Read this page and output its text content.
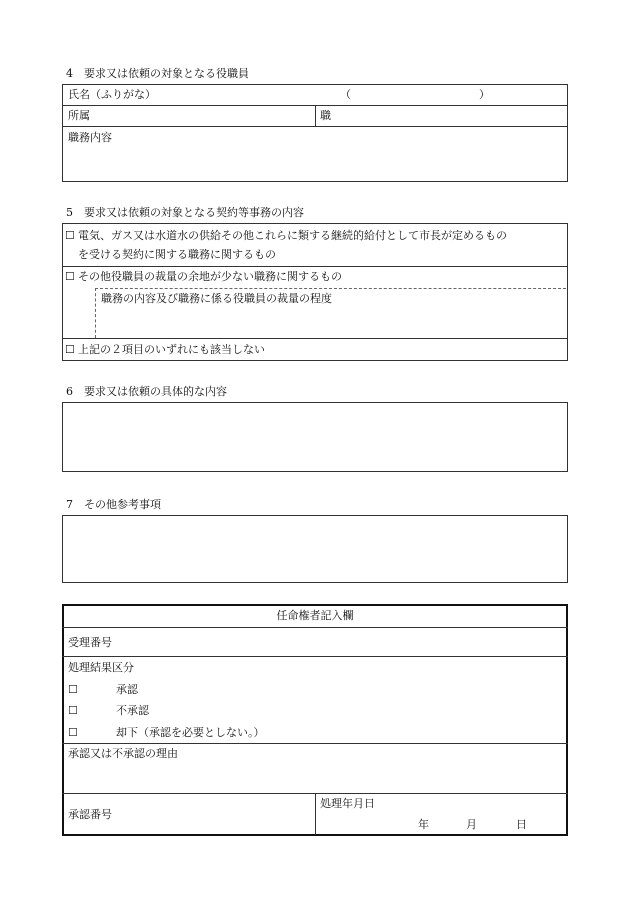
4　要求又は依頼の対象となる役職員
氏名（ふりがな）	（	）
所属	職
職務内容
5　要求又は依頼の対象となる契約等事務の内容
☐ 電気、ガス又は水道水の供給その他これらに類する継続的給付として市長が定めるもの
を受ける契約に関する職務に関するもの
☐ その他役職員の裁量の余地が少ない職務に関するもの
職務の内容及び職務に係る役職員の裁量の程度
☐ 上記の２項目のいずれにも該当しない
6　要求又は依頼の具体的な内容
7　その他参考事項
任命権者記入欄
受理番号
処理結果区分
☐	承認
☐	不承認
☐	却下（承認を必要としない。）
承認又は不承認の理由
承認番号
処理年月日
年	月	日
